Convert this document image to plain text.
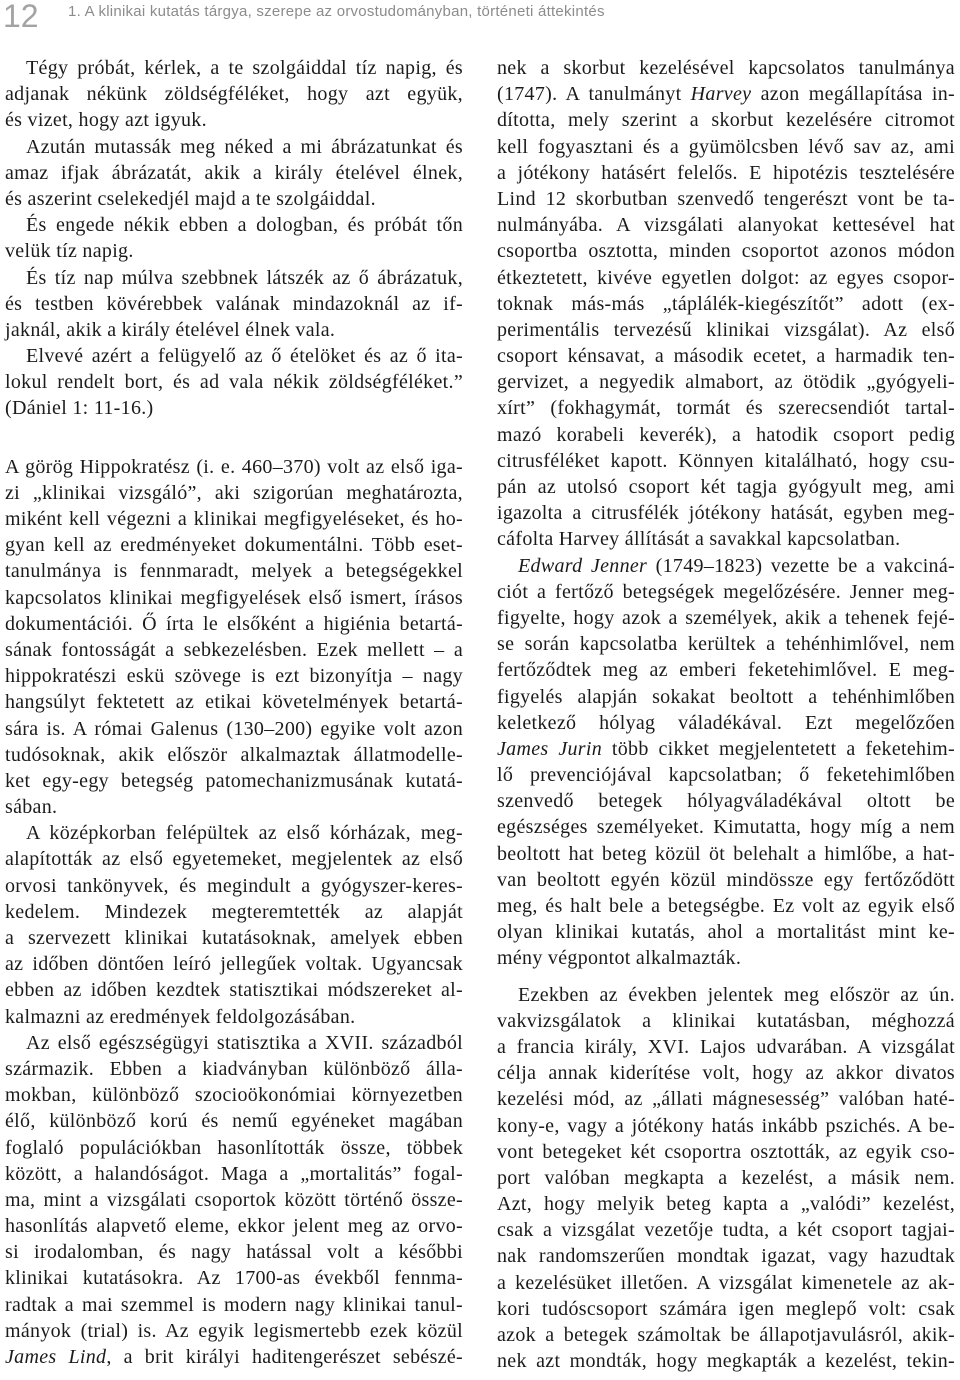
12 1. A klinikai kutatás tárgya, szerepe az orvostudományban, történeti áttekintés
Tégy próbát, kérlek, a te szolgáiddal tíz napig, és
adjanak nékünk zöldségféléket, hogy azt együk,
és vizet, hogy azt igyuk.
Azután mutassák meg néked a mi ábrázatunkat és
amaz ifjak ábrázatát, akik a király ételével élnek,
és aszerint cselekedjél majd a te szolgáiddal.
És engede nékik ebben a dologban, és próbát tőn
velük tíz napig.
És tíz nap múlva szebbnek látszék az ő ábrázatuk,
és testben kövérebbek valának mindazoknál az if-
jaknál, akik a király ételével élnek vala.
Elvevé azért a felügyelő az ő ételöket és az ő ita-
lokul rendelt bort, és ad vala nékik zöldségféléket.”
(Dániel 1: 11-16.)
A görög Hippokratész (i. e. 460–370) volt az első iga-
zi „klinikai vizsgáló”, aki szigorúan meghatározta,
miként kell végezni a klinikai megfigyeléseket, és ho-
gyan kell az eredményeket dokumentálni. Több eset-
tanulmánya is fennmaradt, melyek a betegségekkel
kapcsolatos klinikai megfigyelések első ismert, írásos
dokumentációi. Ő írta le elsőként a higiénia betartá-
sának fontosságát a sebkezelésben. Ezek mellett – a
hippokratészi eskü szövege is ezt bizonyítja – nagy
hangsúlyt fektetett az etikai követelmények betartá-
sára is. A római Galenus (130–200) egyike volt azon
tudósoknak, akik először alkalmaztak állatmodelle-
ket egy-egy betegség patomechanizmusának kutatá-
sában.
A középkorban felépültek az első kórházak, meg-
alapították az első egyetemeket, megjelentek az első
orvosi tankönyvek, és megindult a gyógyszer-keres-
kedelem. Mindezek megteremtették az alapját
a szervezett klinikai kutatásoknak, amelyek ebben
az időben döntően leíró jellegűek voltak. Ugyancsak
ebben az időben kezdtek statisztikai módszereket al-
kalmazni az eredmények feldolgozásában.
Az első egészségügyi statisztika a XVII. századból
származik. Ebben a kiadványban különböző álla-
mokban, különböző szocioökonómiai környezetben
élő, különböző korú és nemű egyéneket magában
foglaló populációkban hasonlították össze, többek
között, a halandóságot. Maga a „mortalitás” fogal-
ma, mint a vizsgálati csoportok között történő össze-
hasonlítás alapvető eleme, ekkor jelent meg az orvo-
si irodalomban, és nagy hatással volt a későbbi
klinikai kutatásokra. Az 1700-as évekből fennma-
radtak a mai szemmel is modern nagy klinikai tanul-
mányok (trial) is. Az egyik legismertebb ezek közül
James Lind, a brit királyi haditengerészet sebészé-
nek a skorbut kezelésével kapcsolatos tanulmánya
(1747). A tanulmányt Harvey azon megállapítása in-
dította, mely szerint a skorbut kezelésére citromot
kell fogyasztani és a gyümölcsben lévő sav az, ami
a jótékony hatásért felelős. E hipotézis tesztelésére
Lind 12 skorbutban szenvedő tengerészt vont be ta-
nulmányába. A vizsgálati alanyokat kettesével hat
csoportba osztotta, minden csoportot azonos módon
étkeztetett, kivéve egyetlen dolgot: az egyes csopor-
toknak más-más „táplálék-kiegészítőt” adott (ex-
perimentális tervezésű klinikai vizsgálat). Az első
csoport kénsavat, a második ecetet, a harmadik ten-
gervizet, a negyedik almabort, az ötödik „gyógyeli-
xírt” (fokhagymát, tormát és szerecsendiót tartal-
mazó korabeli keverék), a hatodik csoport pedig
citrusféléket kapott. Könnyen kitalálható, hogy csu-
pán az utolsó csoport két tagja gyógyult meg, ami
igazolta a citrusfélék jótékony hatását, egyben meg-
cáfolta Harvey állítását a savakkal kapcsolatban.
Edward Jenner (1749–1823) vezette be a vakciná-
ciót a fertőző betegségek megelőzésére. Jenner meg-
figyelte, hogy azok a személyek, akik a tehenek fejé-
se során kapcsolatba kerültek a tehénhimlővel, nem
fertőződtek meg az emberi feketehimlővel. E meg-
figyelés alapján sokakat beoltott a tehénhimlőben
keletkező hólyag váladékával. Ezt megelőzően
James Jurin több cikket megjelentetett a feketehim-
lő prevenciójával kapcsolatban; ő feketehimlőben
szenvedő betegek hólyagváladékával oltott be
egészséges személyeket. Kimutatta, hogy míg a nem
beoltott hat beteg közül öt belehalt a himlőbe, a hat-
van beoltott egyén közül mindössze egy fertőződött
meg, és halt bele a betegségbe. Ez volt az egyik első
olyan klinikai kutatás, ahol a mortalitást mint ke-
mény végpontot alkalmazták.
Ezekben az években jelentek meg először az ún.
vakvizsgálatok a klinikai kutatásban, méghozzá
a francia király, XVI. Lajos udvarában. A vizsgálat
célja annak kiderítése volt, hogy az akkor divatos
kezelési mód, az „állati mágnesesség” valóban haté-
kony-e, vagy a jótékony hatás inkább pszichés. A be-
vont betegeket két csoportra osztották, az egyik cso-
port valóban megkapta a kezelést, a másik nem.
Azt, hogy melyik beteg kapta a „valódi” kezelést,
csak a vizsgálat vezetője tudta, a két csoport tagjai-
nak randomszerűen mondtak igazat, vagy hazudtak
a kezelésüket illetően. A vizsgálat kimenetele az ak-
kori tudóscsoport számára igen meglepő volt: csak
azok a betegek számoltak be állapotjavulásról, akik-
nek azt mondták, hogy megkapták a kezelést, tekin-
